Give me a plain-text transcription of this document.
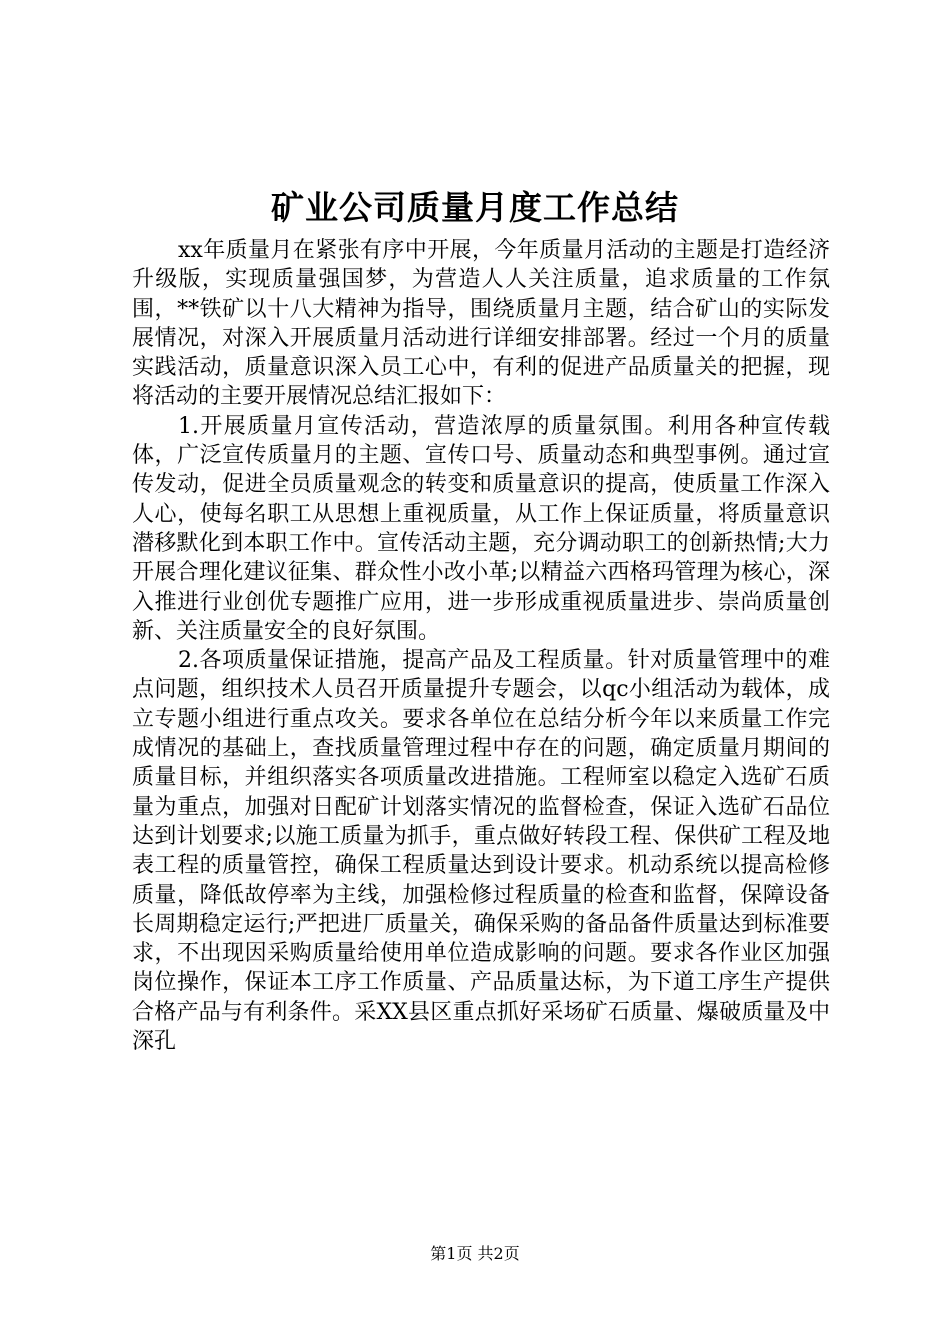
矿业公司质量月度工作总结

xx年质量月在紧张有序中开展，今年质量月活动的主题是打造经济升级版，实现质量强国梦，为营造人人关注质量，追求质量的工作氛围，**铁矿以十八大精神为指导，围绕质量月主题，结合矿山的实际发展情况，对深入开展质量月活动进行详细安排部署。经过一个月的质量实践活动，质量意识深入员工心中，有利的促进产品质量关的把握，现将活动的主要开展情况总结汇报如下：

1.开展质量月宣传活动，营造浓厚的质量氛围。利用各种宣传载体，广泛宣传质量月的主题、宣传口号、质量动态和典型事例。通过宣传发动，促进全员质量观念的转变和质量意识的提高，使质量工作深入人心，使每名职工从思想上重视质量，从工作上保证质量，将质量意识潜移默化到本职工作中。宣传活动主题，充分调动职工的创新热情;大力开展合理化建议征集、群众性小改小革;以精益六西格玛管理为核心，深入推进行业创优专题推广应用，进一步形成重视质量进步、崇尚质量创新、关注质量安全的良好氛围。

2.各项质量保证措施，提高产品及工程质量。针对质量管理中的难点问题，组织技术人员召开质量提升专题会，以qc小组活动为载体，成立专题小组进行重点攻关。要求各单位在总结分析今年以来质量工作完成情况的基础上，查找质量管理过程中存在的问题，确定质量月期间的质量目标，并组织落实各项质量改进措施。工程师室以稳定入选矿石质量为重点，加强对日配矿计划落实情况的监督检查，保证入选矿石品位达到计划要求;以施工质量为抓手，重点做好转段工程、保供矿工程及地表工程的质量管控，确保工程质量达到设计要求。机动系统以提高检修质量，降低故停率为主线，加强检修过程质量的检查和监督，保障设备长周期稳定运行;严把进厂质量关，确保采购的备品备件质量达到标准要求，不出现因采购质量给使用单位造成影响的问题。要求各作业区加强岗位操作，保证本工序工作质量、产品质量达标，为下道工序生产提供合格产品与有利条件。采XX县区重点抓好采场矿石质量、爆破质量及中深孔

第1页 共2页
